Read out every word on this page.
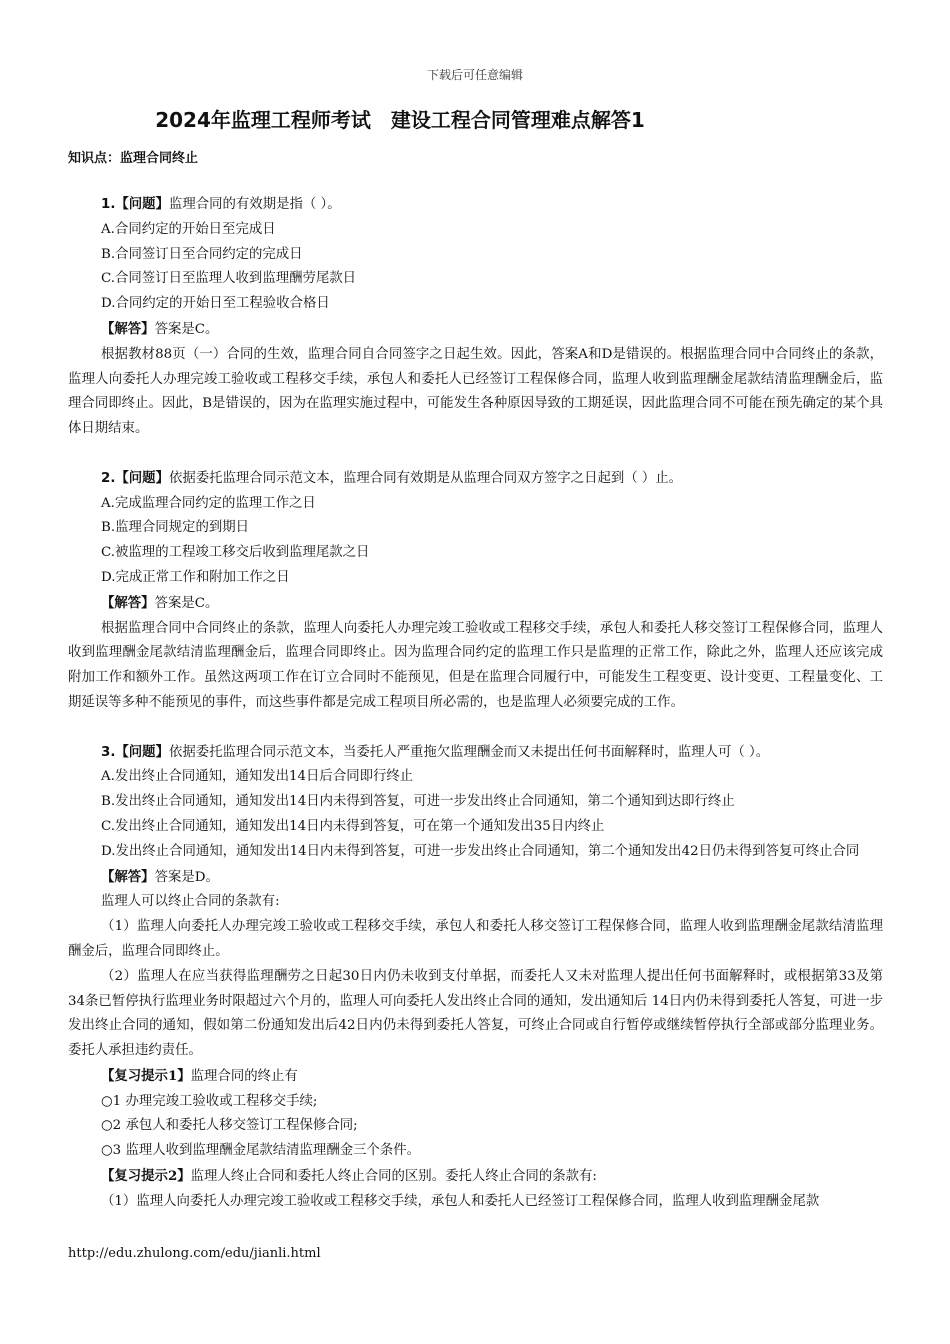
下载后可任意编辑
2024年监理工程师考试　建设工程合同管理难点解答1
知识点：监理合同终止

1.【问题】监理合同的有效期是指（ ）。

A.合同约定的开始日至完成日

B.合同签订日至合同约定的完成日

C.合同签订日至监理人收到监理酬劳尾款日

D.合同约定的开始日至工程验收合格日

【解答】答案是C。

根据教材88页（一）合同的生效，监理合同自合同签字之日起生效。因此，答案A和D是错误的。根据监理合同中合同终止的条款，监理人向委托人办理完竣工验收或工程移交手续，承包人和委托人已经签订工程保修合同，监理人收到监理酬金尾款结清监理酬金后，监理合同即终止。因此，B是错误的，因为在监理实施过程中，可能发生各种原因导致的工期延误，因此监理合同不可能在预先确定的某个具体日期结束。

2.【问题】依据委托监理合同示范文本，监理合同有效期是从监理合同双方签字之日起到（ ）止。

A.完成监理合同约定的监理工作之日

B.监理合同规定的到期日

C.被监理的工程竣工移交后收到监理尾款之日

D.完成正常工作和附加工作之日

【解答】答案是C。

根据监理合同中合同终止的条款，监理人向委托人办理完竣工验收或工程移交手续，承包人和委托人移交签订工程保修合同，监理人收到监理酬金尾款结清监理酬金后，监理合同即终止。因为监理合同约定的监理工作只是监理的正常工作，除此之外，监理人还应该完成附加工作和额外工作。虽然这两项工作在订立合同时不能预见，但是在监理合同履行中，可能发生工程变更、设计变更、工程量变化、工期延误等多种不能预见的事件，而这些事件都是完成工程项目所必需的，也是监理人必须要完成的工作。

3.【问题】依据委托监理合同示范文本，当委托人严重拖欠监理酬金而又未提出任何书面解释时，监理人可（ ）。

A.发出终止合同通知，通知发出14日后合同即行终止

B.发出终止合同通知，通知发出14日内未得到答复，可进一步发出终止合同通知，第二个通知到达即行终止

C.发出终止合同通知，通知发出14日内未得到答复，可在第一个通知发出35日内终止

D.发出终止合同通知，通知发出14日内未得到答复，可进一步发出终止合同通知，第二个通知发出42日仍未得到答复可终止合同

【解答】答案是D。

监理人可以终止合同的条款有:

（1）监理人向委托人办理完竣工验收或工程移交手续，承包人和委托人移交签订工程保修合同，监理人收到监理酬金尾款结清监理酬金后，监理合同即终止。

（2）监理人在应当获得监理酬劳之日起30日内仍未收到支付单据，而委托人又未对监理人提出任何书面解释时，或根据第33及第34条已暂停执行监理业务时限超过六个月的，监理人可向委托人发出终止合同的通知，发出通知后 14日内仍未得到委托人答复，可进一步发出终止合同的通知，假如第二份通知发出后42日内仍未得到委托人答复，可终止合同或自行暂停或继续暂停执行全部或部分监理业务。委托人承担违约责任。

【复习提示1】监理合同的终止有

○1 办理完竣工验收或工程移交手续;

○2 承包人和委托人移交签订工程保修合同;

○3 监理人收到监理酬金尾款结清监理酬金三个条件。

【复习提示2】监理人终止合同和委托人终止合同的区别。委托人终止合同的条款有:

（1）监理人向委托人办理完竣工验收或工程移交手续，承包人和委托人已经签订工程保修合同，监理人收到监理酬金尾款

http://edu.zhulong.com/edu/jianli.html
